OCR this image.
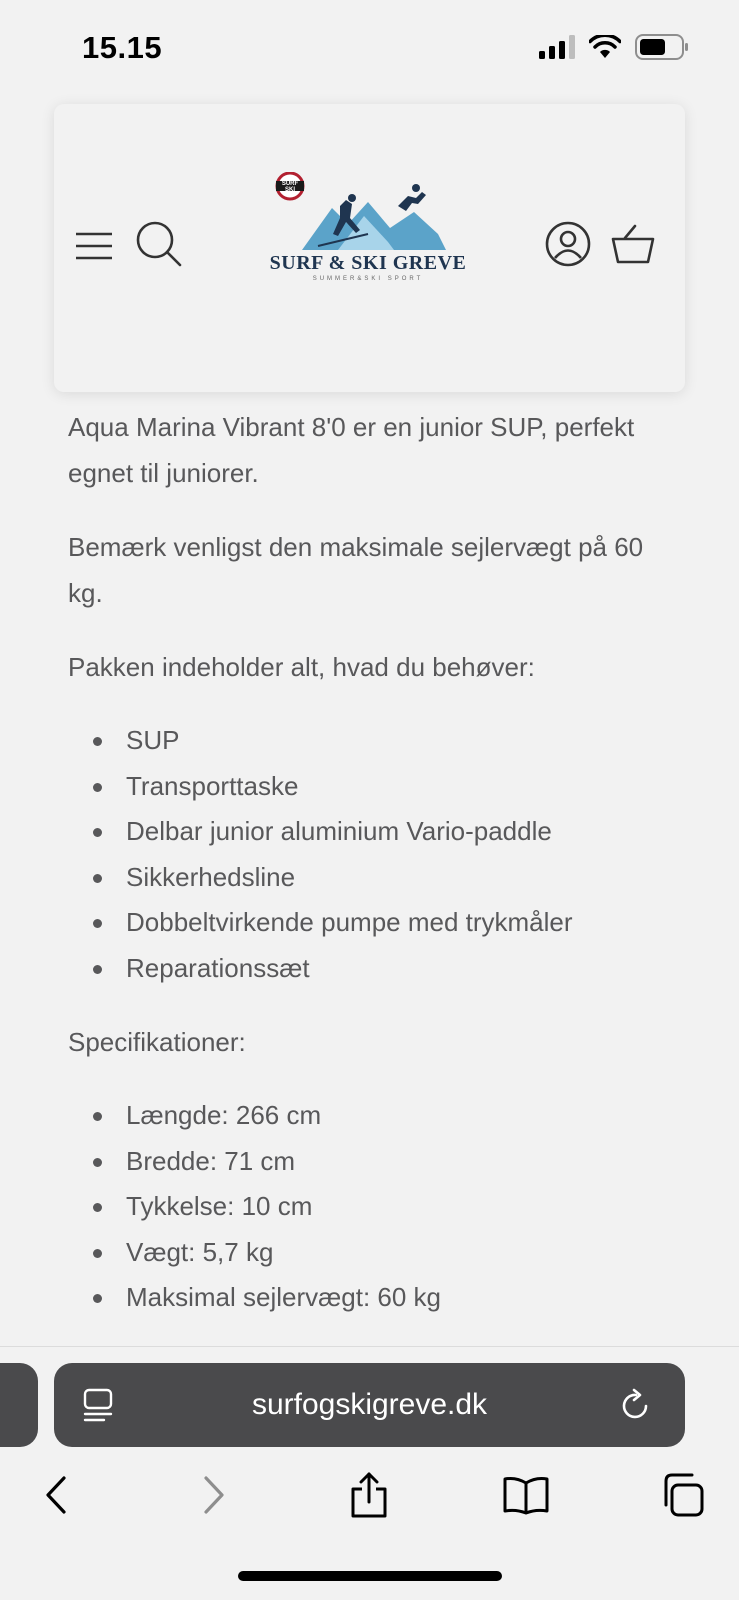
15.15
SURF SKI
SURF & SKI GREVE
SUMMER&SKI SPORT

Aqua Marina Vibrant 8'0 er en junior SUP, perfekt egnet til juniorer.

Bemærk venligst den maksimale sejlervægt på 60 kg.

Pakken indeholder alt, hvad du behøver:

SUP
Transporttaske
Delbar junior aluminium Vario-paddle
Sikkerhedsline
Dobbeltvirkende pumpe med trykmåler
Reparationssæt

Specifikationer:

Længde: 266 cm
Bredde: 71 cm
Tykkelse: 10 cm
Vægt: 5,7 kg
Maksimal sejlervægt: 60 kg
surfogskigreve.dk
